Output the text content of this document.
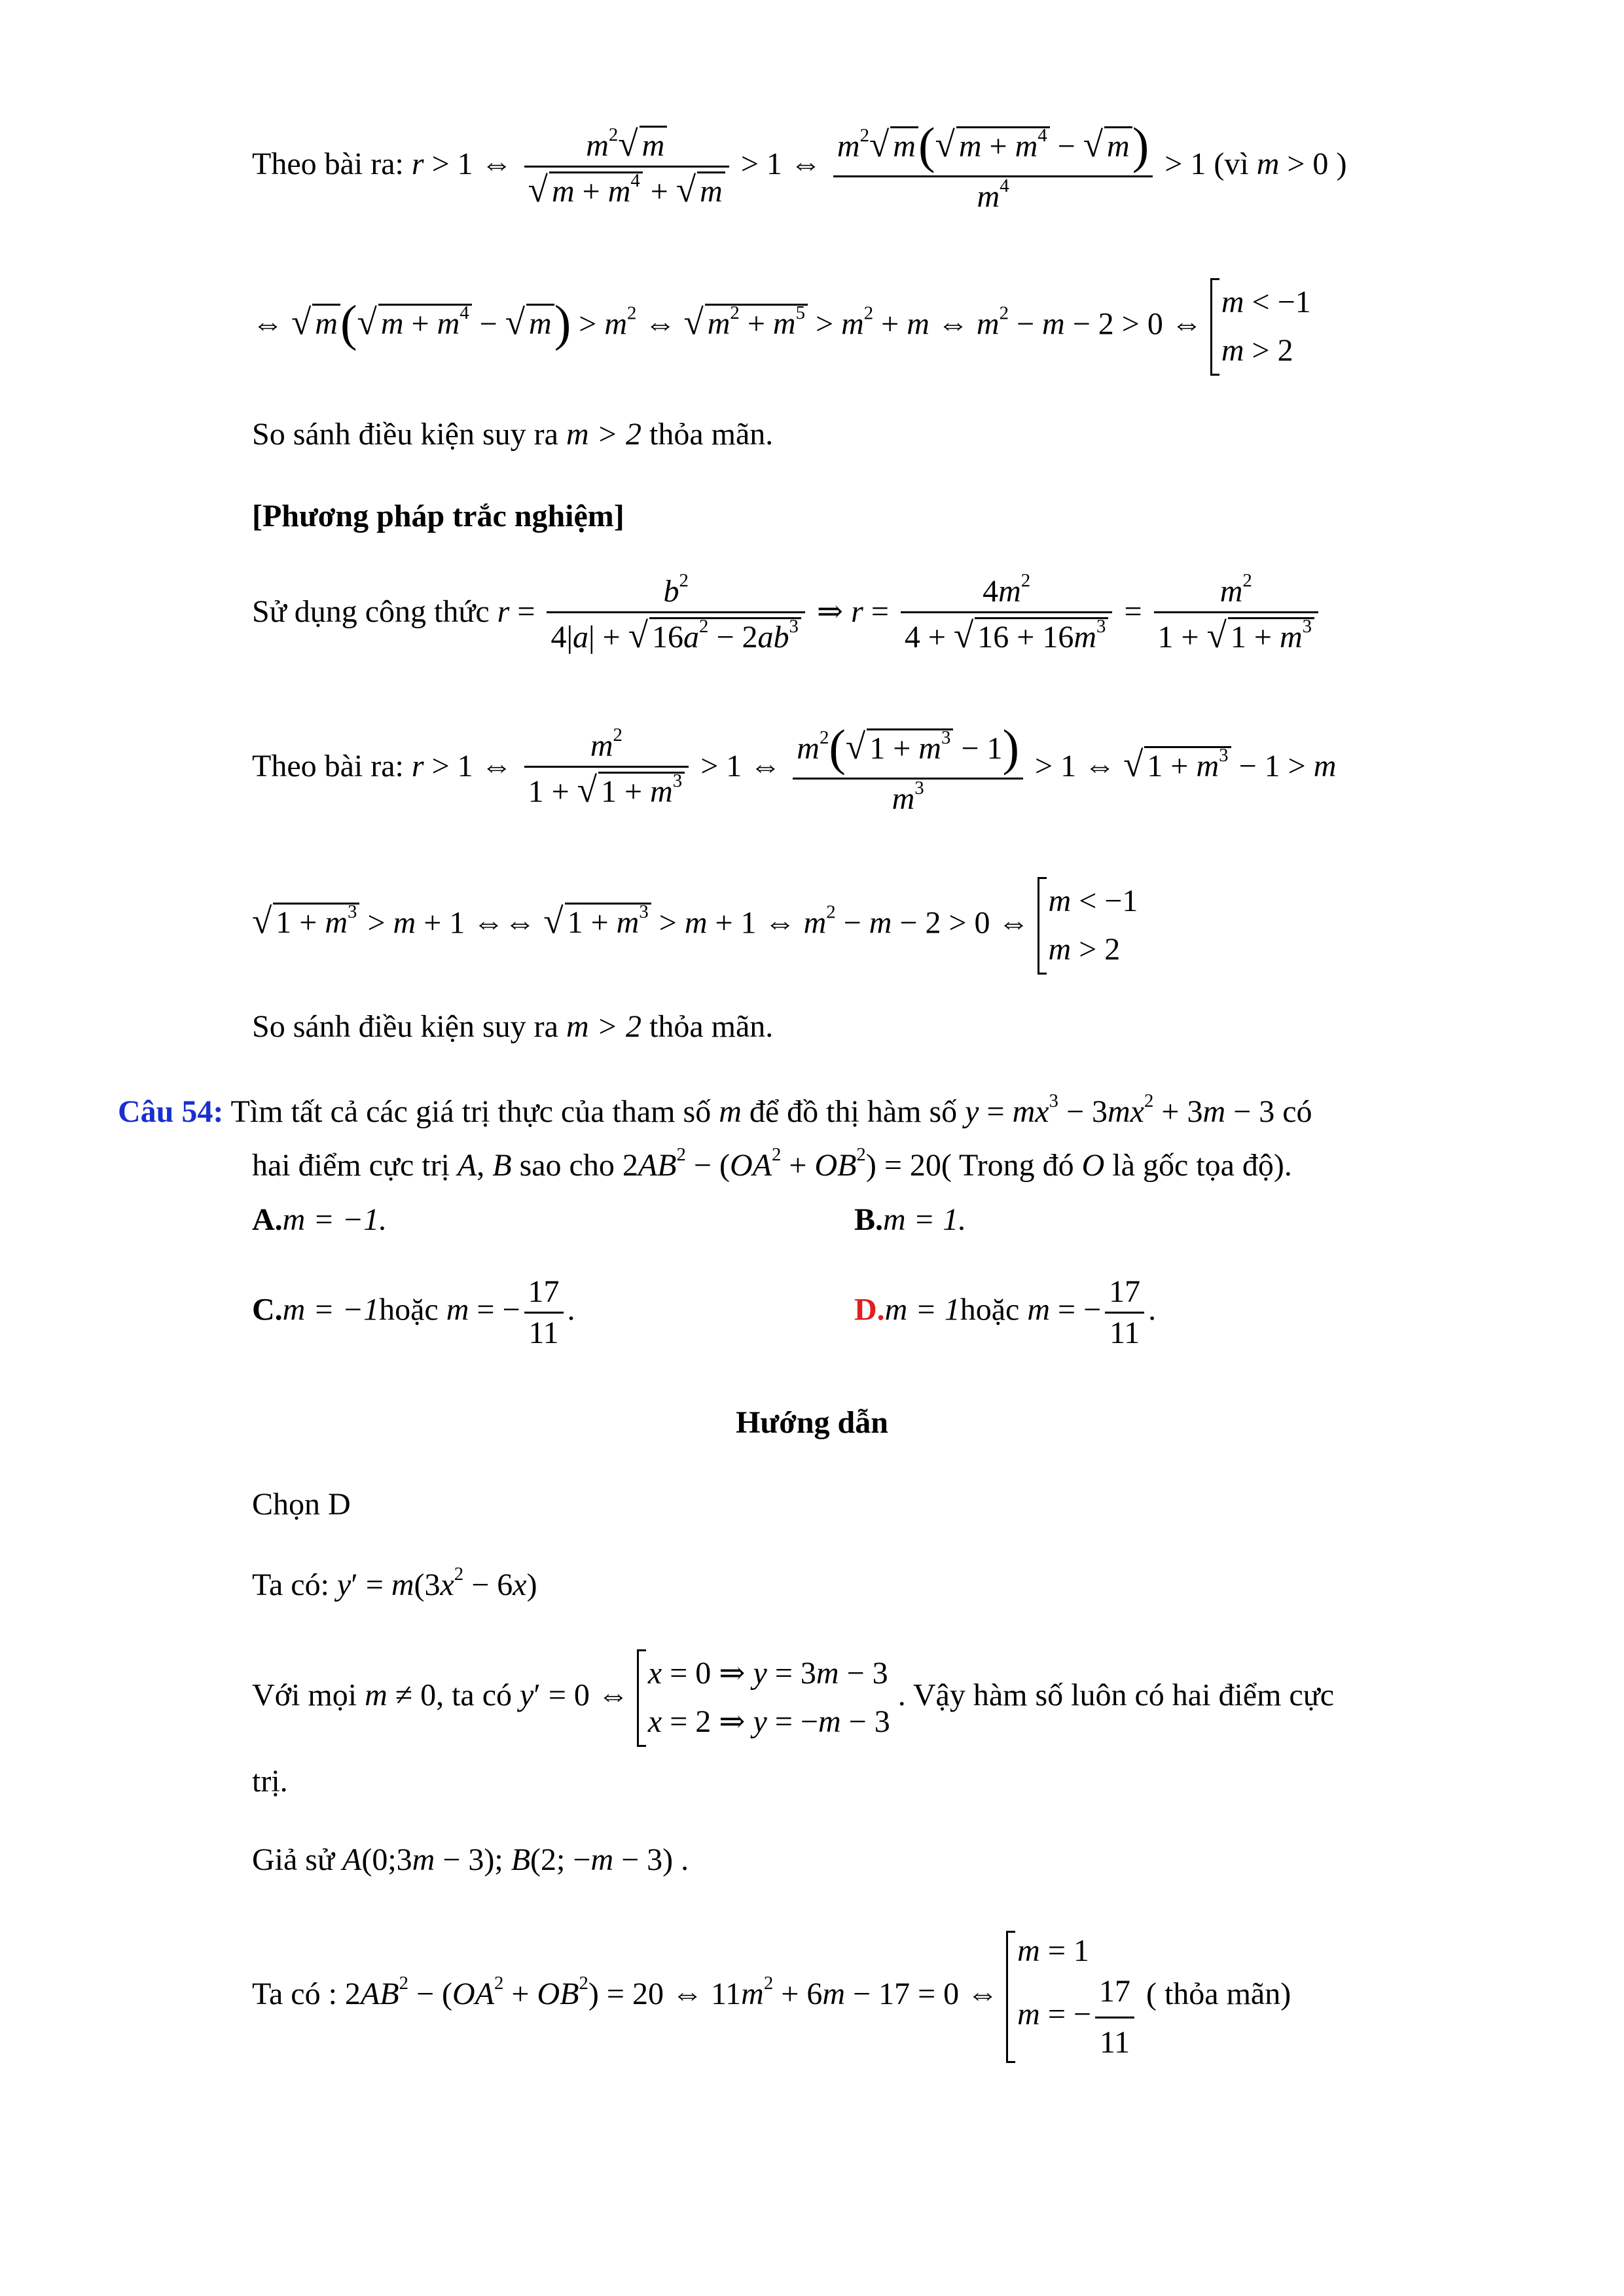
Theo bài ra: r > 1 ⇔ $\frac{m^2√ m}{√ m + m^4 + √ m} > 1$ ⇔ $\frac{m^2√ m(√ m + m^4 - √ m)}{m^4} > 1$ (vì m > 0 )
⇔ √ m(√ $m + m^4$ − √ $m) > m^2$ ⇔ √ $m^2 + m^5 > m^2 + m$ ⇔ $m^2 - m - 2 > 0$ ⇔
m < −1
m > 2
So sánh điều kiện suy ra m > 2 thỏa mãn.
[Phương pháp trắc nghiệm]
Sử dụng công thức $r = \frac{b^2}{4|a| + √ 16a^2 - 2ab^3}$ ⇒ $r = \frac{4m^2}{4 + √ 16 + 16m^3} = \frac{m^2}{1 + √ 1 + m^3}$
Theo bài ra: r > 1 ⇔ $\frac{m^2}{1 + √ 1 + m^3} > 1$ ⇔ $\frac{m^2(√ 1 + m^3 - 1)}{m^3} > 1$ ⇔ √ $1 + m^3 - 1 > m$
√ $1 + m^3 > m + 1$ ⇔⇔ √ $1 + m^3 > m + 1$ ⇔ $m^2 - m - 2 > 0$ ⇔
m < −1
m > 2
So sánh điều kiện suy ra m > 2 thỏa mãn.
Câu 54: Tìm tất cả các giá trị thực của tham số m để đồ thị hàm số $y = mx^3 - 3mx^2 + 3m - 3$ có
hai điểm cực trị A, B sao cho $2AB^2 - (OA^2 + OB^2) = 20$( Trong đó O là gốc tọa độ).
A.m = −1.	B.m = 1.
C.m = −1hoặc m = − $\frac{17}{11}$ .	D.m = 1hoặc m = − $\frac{17}{11}$ .
Hướng dẫn
Chọn D
Ta có: $y' = m(3x^2 - 6x)$
Với mọi m ≠ 0, ta có y′ = 0 ⇔
x = 0 ⇒ y = 3m − 3
x = 2 ⇒ y = −m − 3
. Vậy hàm số luôn có hai điểm cực
trị.
Giả sử A(0;3m − 3); B(2; −m − 3) .
Ta có : $2AB^2 - (OA^2 + OB^2) = 20$ ⇔ $11m^2 + 6m - 17 = 0$ ⇔
m = 1
m = − $\frac{17}{11}$ ( thỏa mãn)
